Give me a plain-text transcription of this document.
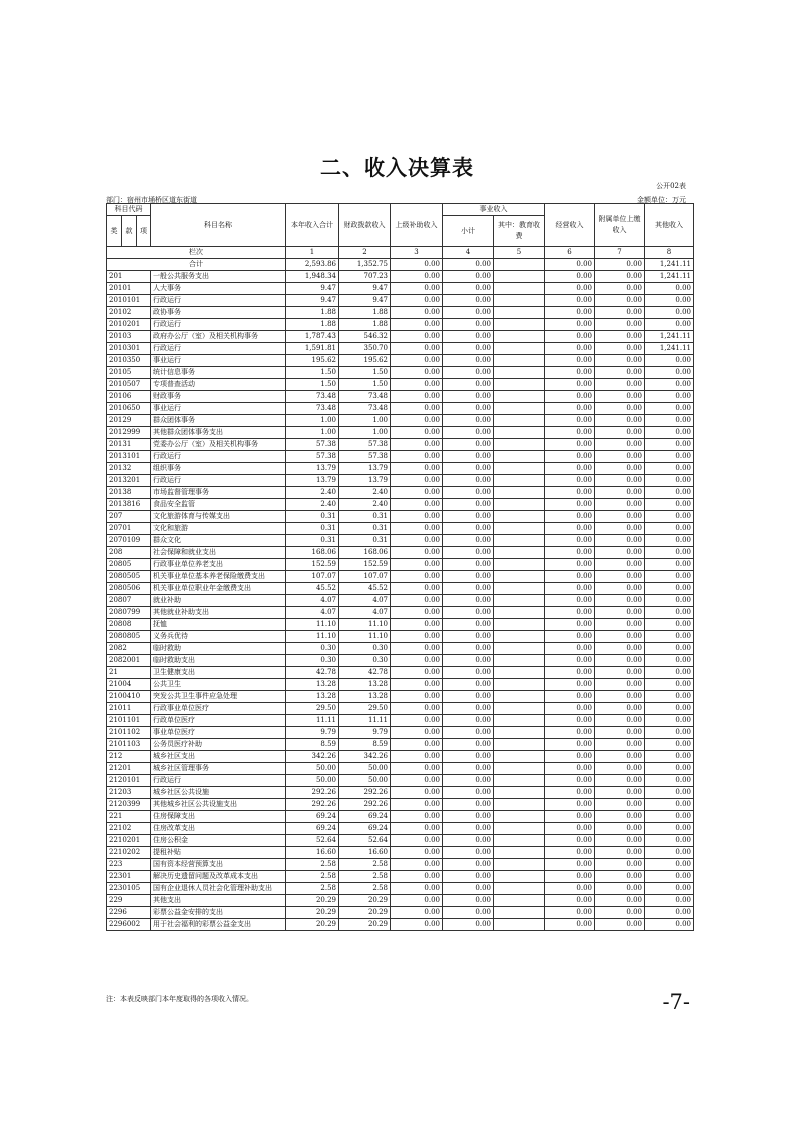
二、收入决算表
公开02表
部门：宿州市埇桥区道东街道	金额单位：万元
科目代码			科目名称	本年收入合计	财政拨款收入	上级补助收入	事业收入		经营收入	附属单位上缴收入	其他收入
							小计	其中：教育收费			
类	款	项									
栏次				1	2	3	4	5	6	7	8
合计				2,593.86	1,352.75	0.00	0.00		0.00	0.00	1,241.11
201			一般公共服务支出	1,948.34	707.23	0.00	0.00		0.00	0.00	1,241.11
20101			人大事务	9.47	9.47	0.00	0.00		0.00	0.00	0.00
2010101			行政运行	9.47	9.47	0.00	0.00		0.00	0.00	0.00
20102			政协事务	1.88	1.88	0.00	0.00		0.00	0.00	0.00
2010201			行政运行	1.88	1.88	0.00	0.00		0.00	0.00	0.00
20103			政府办公厅（室）及相关机构事务	1,787.43	546.32	0.00	0.00		0.00	0.00	1,241.11
2010301			行政运行	1,591.81	350.70	0.00	0.00		0.00	0.00	1,241.11
2010350			事业运行	195.62	195.62	0.00	0.00		0.00	0.00	0.00
20105			统计信息事务	1.50	1.50	0.00	0.00		0.00	0.00	0.00
2010507			专项普查活动	1.50	1.50	0.00	0.00		0.00	0.00	0.00
20106			财政事务	73.48	73.48	0.00	0.00		0.00	0.00	0.00
2010650			事业运行	73.48	73.48	0.00	0.00		0.00	0.00	0.00
20129			群众团体事务	1.00	1.00	0.00	0.00		0.00	0.00	0.00
2012999			其他群众团体事务支出	1.00	1.00	0.00	0.00		0.00	0.00	0.00
20131			党委办公厅（室）及相关机构事务	57.38	57.38	0.00	0.00		0.00	0.00	0.00
2013101			行政运行	57.38	57.38	0.00	0.00		0.00	0.00	0.00
20132			组织事务	13.79	13.79	0.00	0.00		0.00	0.00	0.00
2013201			行政运行	13.79	13.79	0.00	0.00		0.00	0.00	0.00
20138			市场监督管理事务	2.40	2.40	0.00	0.00		0.00	0.00	0.00
2013816			食品安全监管	2.40	2.40	0.00	0.00		0.00	0.00	0.00
207			文化旅游体育与传媒支出	0.31	0.31	0.00	0.00		0.00	0.00	0.00
20701			文化和旅游	0.31	0.31	0.00	0.00		0.00	0.00	0.00
2070109			群众文化	0.31	0.31	0.00	0.00		0.00	0.00	0.00
208			社会保障和就业支出	168.06	168.06	0.00	0.00		0.00	0.00	0.00
20805			行政事业单位养老支出	152.59	152.59	0.00	0.00		0.00	0.00	0.00
2080505			机关事业单位基本养老保险缴费支出	107.07	107.07	0.00	0.00		0.00	0.00	0.00
2080506			机关事业单位职业年金缴费支出	45.52	45.52	0.00	0.00		0.00	0.00	0.00
20807			就业补助	4.07	4.07	0.00	0.00		0.00	0.00	0.00
2080799			其他就业补助支出	4.07	4.07	0.00	0.00		0.00	0.00	0.00
20808			抚恤	11.10	11.10	0.00	0.00		0.00	0.00	0.00
2080805			义务兵优待	11.10	11.10	0.00	0.00		0.00	0.00	0.00
2082			临时救助	0.30	0.30	0.00	0.00		0.00	0.00	0.00
2082001			临时救助支出	0.30	0.30	0.00	0.00		0.00	0.00	0.00
21			卫生健康支出	42.78	42.78	0.00	0.00		0.00	0.00	0.00
21004			公共卫生	13.28	13.28	0.00	0.00		0.00	0.00	0.00
2100410			突发公共卫生事件应急处理	13.28	13.28	0.00	0.00		0.00	0.00	0.00
21011			行政事业单位医疗	29.50	29.50	0.00	0.00		0.00	0.00	0.00
2101101			行政单位医疗	11.11	11.11	0.00	0.00		0.00	0.00	0.00
2101102			事业单位医疗	9.79	9.79	0.00	0.00		0.00	0.00	0.00
2101103			公务员医疗补助	8.59	8.59	0.00	0.00		0.00	0.00	0.00
212			城乡社区支出	342.26	342.26	0.00	0.00		0.00	0.00	0.00
21201			城乡社区管理事务	50.00	50.00	0.00	0.00		0.00	0.00	0.00
2120101			行政运行	50.00	50.00	0.00	0.00		0.00	0.00	0.00
21203			城乡社区公共设施	292.26	292.26	0.00	0.00		0.00	0.00	0.00
2120399			其他城乡社区公共设施支出	292.26	292.26	0.00	0.00		0.00	0.00	0.00
221			住房保障支出	69.24	69.24	0.00	0.00		0.00	0.00	0.00
22102			住房改革支出	69.24	69.24	0.00	0.00		0.00	0.00	0.00
2210201			住房公积金	52.64	52.64	0.00	0.00		0.00	0.00	0.00
2210202			提租补贴	16.60	16.60	0.00	0.00		0.00	0.00	0.00
223			国有资本经营预算支出	2.58	2.58	0.00	0.00		0.00	0.00	0.00
22301			解决历史遗留问题及改革成本支出	2.58	2.58	0.00	0.00		0.00	0.00	0.00
2230105			国有企业退休人员社会化管理补助支出	2.58	2.58	0.00	0.00		0.00	0.00	0.00
229			其他支出	20.29	20.29	0.00	0.00		0.00	0.00	0.00
2296			彩票公益金安排的支出	20.29	20.29	0.00	0.00		0.00	0.00	0.00
2296002			用于社会福利的彩票公益金支出	20.29	20.29	0.00	0.00		0.00	0.00	0.00
注：本表反映部门本年度取得的各项收入情况。	-7-
